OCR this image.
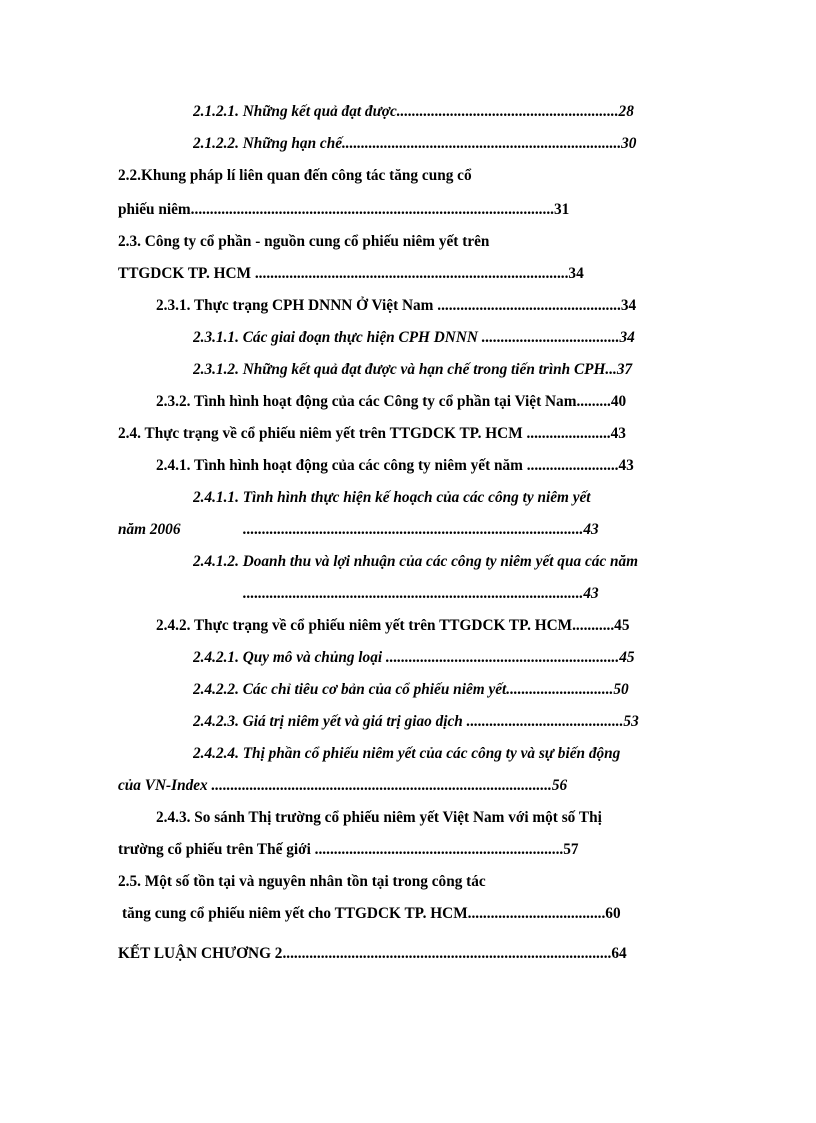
2.1.2.1. Những kết quả đạt được..........................................................28
2.1.2.2. Những hạn chế.........................................................................30
2.2.Khung pháp lí liên quan đến công tác tăng cung cổ
phiếu niêm...............................................................................................31
2.3. Công ty cổ phần - nguồn cung cổ phiếu niêm yết trên
TTGDCK TP. HCM ..................................................................................34
2.3.1. Thực trạng CPH DNNN Ở Việt Nam ................................................34
2.3.1.1. Các giai đoạn thực hiện CPH DNNN ....................................34
2.3.1.2. Những kết quả đạt được và hạn chế trong tiến trình CPH...37
2.3.2. Tình hình hoạt động của các Công ty cổ phần tại Việt Nam.........40
2.4. Thực trạng về cổ phiếu niêm yết trên TTGDCK TP. HCM ......................43
2.4.1. Tình hình hoạt động của các công ty niêm yết năm ........................43
2.4.1.1. Tình hình thực hiện kế hoạch của các công ty niêm yết
năm 2006	.........................................................................................43
2.4.1.2. Doanh thu và lợi nhuận của các công ty niêm yết qua các năm
.........................................................................................43
2.4.2. Thực trạng về cổ phiếu niêm yết trên TTGDCK TP. HCM...........45
2.4.2.1. Quy mô và chủng loại .............................................................45
2.4.2.2. Các chỉ tiêu cơ bản của cổ phiếu niêm yết............................50
2.4.2.3. Giá trị niêm yết và giá trị giao dịch .........................................53
2.4.2.4. Thị phần cổ phiếu niêm yết của các công ty và sự biến động
của VN-Index .........................................................................................56
2.4.3. So sánh Thị trường cổ phiếu niêm yết Việt Nam với một số Thị
trường cổ phiếu trên Thế giới .................................................................57
2.5. Một số tồn tại và nguyên nhân tồn tại trong công tác
tăng cung cổ phiếu niêm yết cho TTGDCK TP. HCM....................................60
KẾT LUẬN CHƯƠNG 2......................................................................................64
